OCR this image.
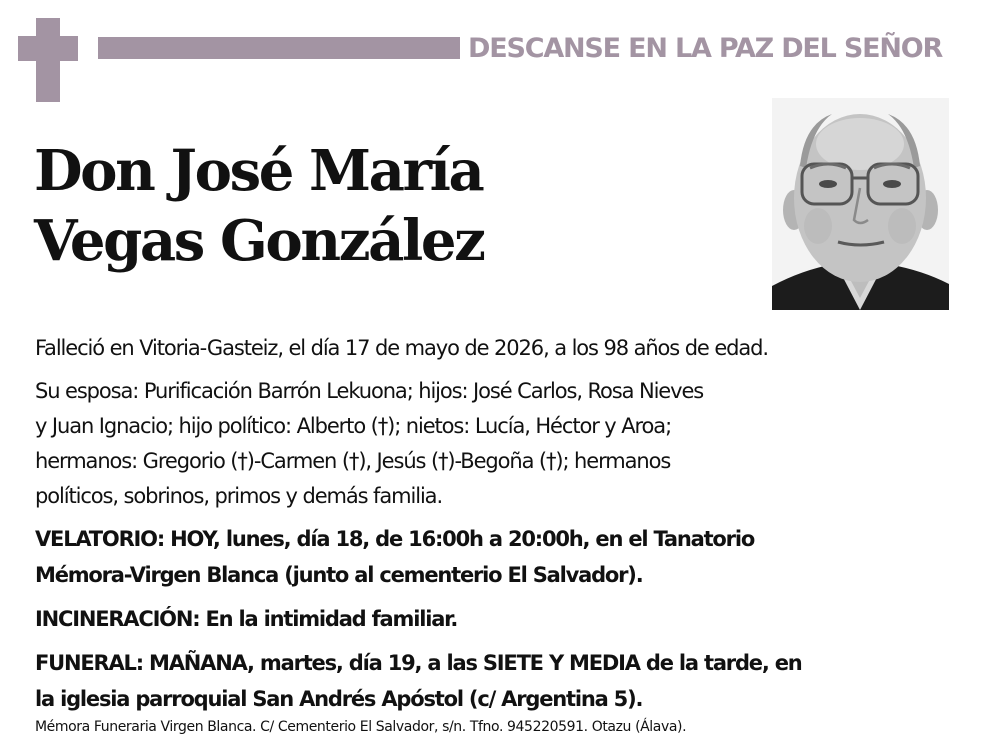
DESCANSE EN LA PAZ DEL SEÑOR
Don José María
Vegas González
Falleció en Vitoria-Gasteiz, el día 17 de mayo de 2026, a los 98 años de edad.
Su esposa: Purificación Barrón Lekuona; hijos: José Carlos, Rosa Nieves
y Juan Ignacio; hijo político: Alberto (†); nietos: Lucía, Héctor y Aroa;
hermanos: Gregorio (†)-Carmen (†), Jesús (†)-Begoña (†); hermanos
políticos, sobrinos, primos y demás familia.
VELATORIO: HOY, lunes, día 18, de 16:00h a 20:00h, en el Tanatorio
Mémora-Virgen Blanca (junto al cementerio El Salvador).
INCINERACIÓN: En la intimidad familiar.
FUNERAL: MAÑANA, martes, día 19, a las SIETE Y MEDIA de la tarde, en
la iglesia parroquial San Andrés Apóstol (c/ Argentina 5).
Mémora Funeraria Virgen Blanca. C/ Cementerio El Salvador, s/n. Tfno. 945220591. Otazu (Álava).
